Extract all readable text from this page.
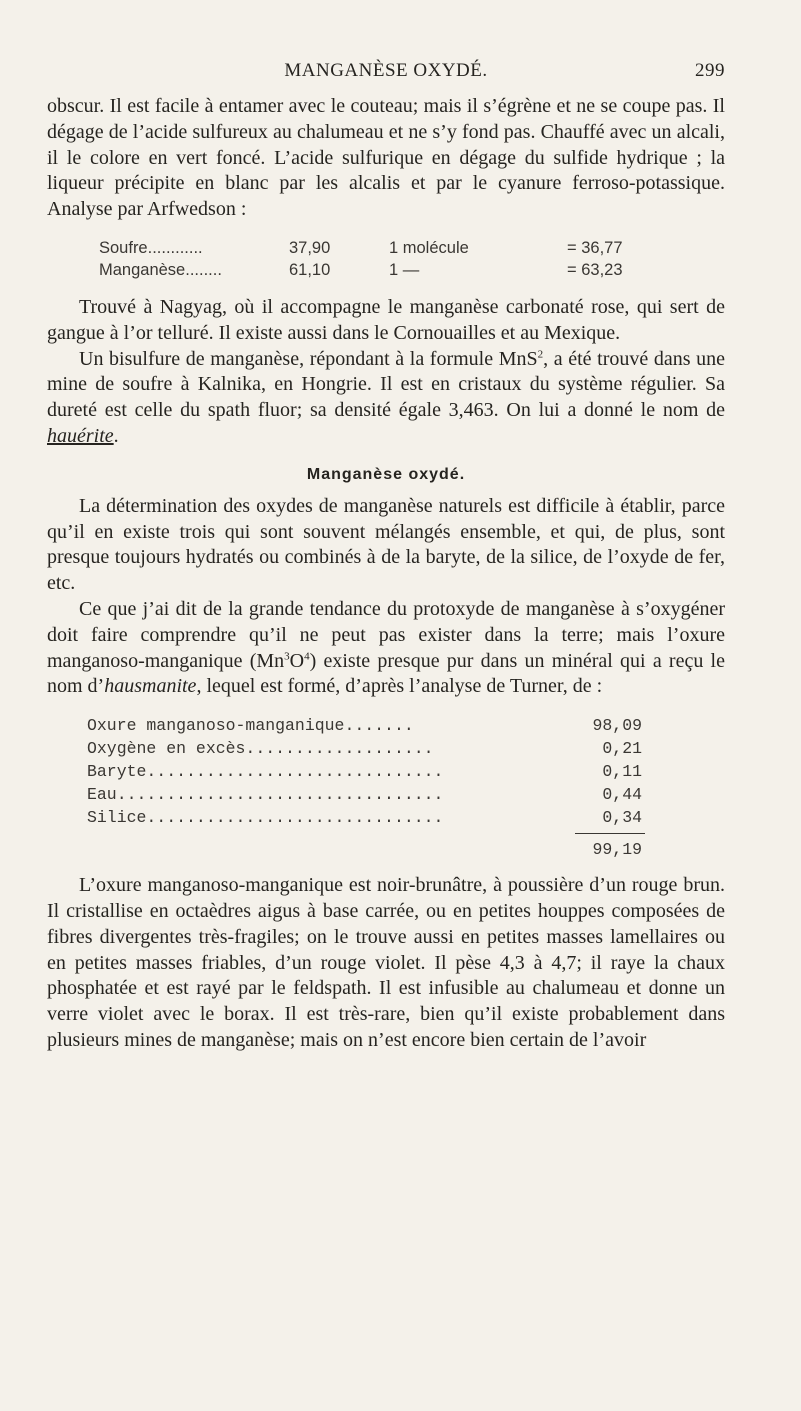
MANGANÈSE OXYDÉ.	299

obscur. Il est facile à entamer avec le couteau; mais il s’égrène et ne se coupe pas. Il dégage de l’acide sulfureux au chalumeau et ne s’y fond pas. Chauffé avec un alcali, il le colore en vert foncé. L’acide sulfurique en dégage du sulfide hydrique ; la liqueur précipite en blanc par les alcalis et par le cyanure ferroso-potassique. Analyse par Arfwedson :

Soufre............	37,90	1 molécule	= 36,77
Manganèse........	61,10	1 —	= 63,23

Trouvé à Nagyag, où il accompagne le manganèse carbonaté rose, qui sert de gangue à l’or telluré. Il existe aussi dans le Cornouailles et au Mexique.

Un bisulfure de manganèse, répondant à la formule MnS$^2$, a été trouvé dans une mine de soufre à Kalnika, en Hongrie. Il est en cristaux du système régulier. Sa dureté est celle du spath fluor; sa densité égale 3,463. On lui a donné le nom de hauérite.

Manganèse oxydé.

La détermination des oxydes de manganèse naturels est difficile à établir, parce qu’il en existe trois qui sont souvent mélangés ensemble, et qui, de plus, sont presque toujours hydratés ou combinés à de la baryte, de la silice, de l’oxyde de fer, etc.

Ce que j’ai dit de la grande tendance du protoxyde de manganèse à s’oxygéner doit faire comprendre qu’il ne peut pas exister dans la terre; mais l’oxure manganoso-manganique $(Mn^3O^4)$ existe presque pur dans un minéral qui a reçu le nom d’hausmanite, lequel est formé, d’après l’analyse de Turner, de :

Oxure manganoso-manganique.......	98,09
Oxygène en excès...................	0,21
Baryte..............................	0,11
Eau.................................	0,44
Silice..............................	0,34
99,19

L’oxure manganoso-manganique est noir-brunâtre, à poussière d’un rouge brun. Il cristallise en octaèdres aigus à base carrée, ou en petites houppes composées de fibres divergentes très-fragiles; on le trouve aussi en petites masses lamellaires ou en petites masses friables, d’un rouge violet. Il pèse 4,3 à 4,7; il raye la chaux phosphatée et est rayé par le feldspath. Il est infusible au chalumeau et donne un verre violet avec le borax. Il est très-rare, bien qu’il existe probablement dans plusieurs mines de manganèse; mais on n’est encore bien certain de l’avoir
